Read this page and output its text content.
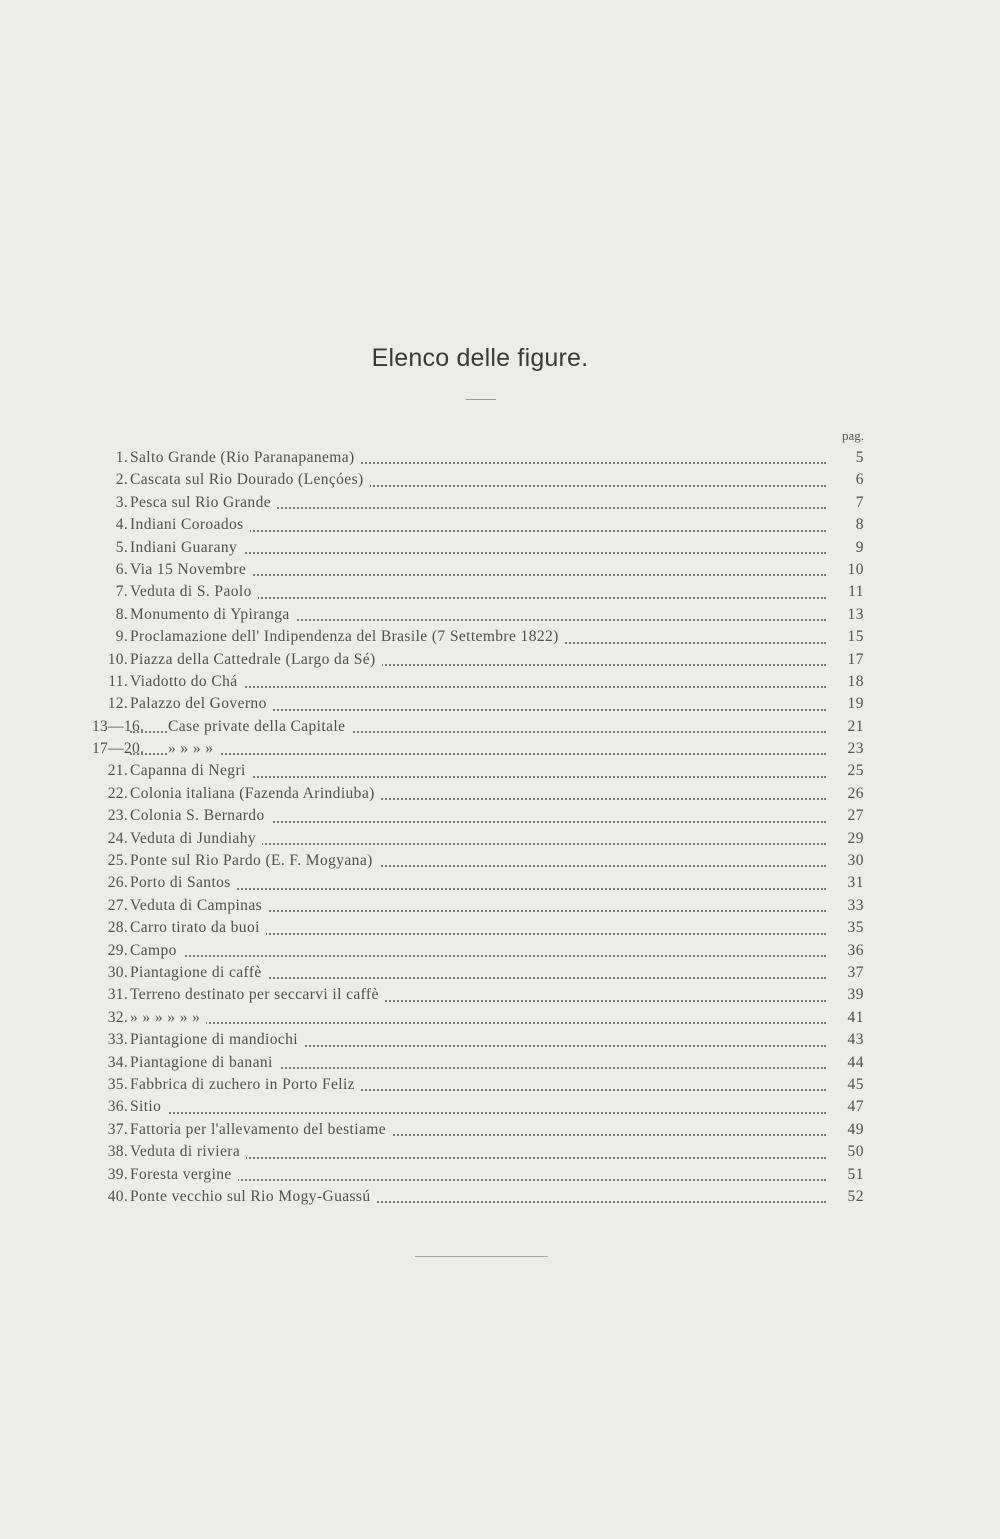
Elenco delle figure.
pag.
1. Salto Grande (Rio Paranapanema)	5
2. Cascata sul Rio Dourado (Lençóes)	6
3. Pesca sul Rio Grande	7
4. Indiani Coroados	8
5. Indiani Guarany	9
6. Via 15 Novembre	10
7. Veduta di S. Paolo	11
8. Monumento di Ypiranga	13
9. Proclamazione dell' Indipendenza del Brasile (7 Settembre 1822)	15
10. Piazza della Cattedrale (Largo da Sé)	17
11. Viadotto do Chá	18
12. Palazzo del Governo	19
13—16. Case private della Capitale	21
17—20. » » » »	23
21. Capanna di Negri	25
22. Colonia italiana (Fazenda Arindiuba)	26
23. Colonia S. Bernardo	27
24. Veduta di Jundiahy	29
25. Ponte sul Rio Pardo (E. F. Mogyana)	30
26. Porto di Santos	31
27. Veduta di Campinas	33
28. Carro tirato da buoi	35
29. Campo	36
30. Piantagione di caffè	37
31. Terreno destinato per seccarvi il caffè	39
32. » » » » » »	41
33. Piantagione di mandiochi	43
34. Piantagione di banani	44
35. Fabbrica di zuchero in Porto Feliz	45
36. Sitio	47
37. Fattoria per l'allevamento del bestiame	49
38. Veduta di riviera	50
39. Foresta vergine	51
40. Ponte vecchio sul Rio Mogy-Guassú	52
